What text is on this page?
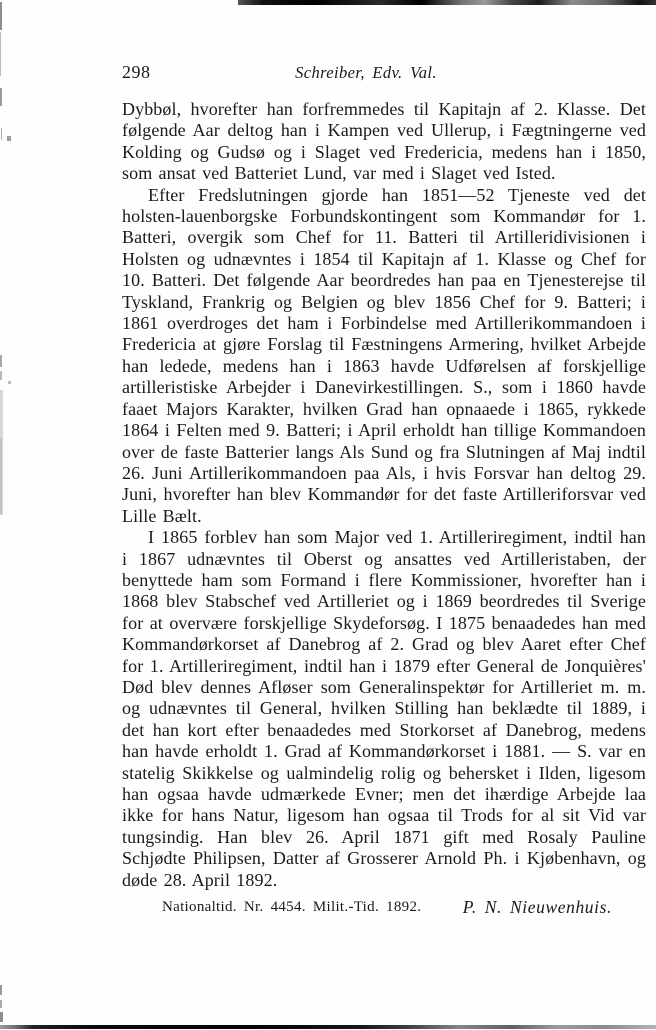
298	Schreiber, Edv. Val.

Dybbøl, hvorefter han forfremmedes til Kapitajn af 2. Klasse. Det følgende Aar deltog han i Kampen ved Ullerup, i Fægtningerne ved Kolding og Gudsø og i Slaget ved Fredericia, medens han i 1850, som ansat ved Batteriet Lund, var med i Slaget ved Isted.

Efter Fredslutningen gjorde han 1851—52 Tjeneste ved det holsten-lauenborgske Forbundskontingent som Kommandør for 1. Batteri, overgik som Chef for 11. Batteri til Artilleridivisionen i Holsten og udnævntes i 1854 til Kapitajn af 1. Klasse og Chef for 10. Batteri. Det følgende Aar beordredes han paa en Tjenesterejse til Tyskland, Frankrig og Belgien og blev 1856 Chef for 9. Batteri; i 1861 overdroges det ham i Forbindelse med Artillerikommandoen i Fredericia at gjøre Forslag til Fæstningens Armering, hvilket Arbejde han ledede, medens han i 1863 havde Udførelsen af forskjellige artilleristiske Arbejder i Danevirkestillingen. S., som i 1860 havde faaet Majors Karakter, hvilken Grad han opnaaede i 1865, rykkede 1864 i Felten med 9. Batteri; i April erholdt han tillige Kommandoen over de faste Batterier langs Als Sund og fra Slutningen af Maj indtil 26. Juni Artillerikommandoen paa Als, i hvis Forsvar han deltog 29. Juni, hvorefter han blev Kommandør for det faste Artilleriforsvar ved Lille Bælt.

I 1865 forblev han som Major ved 1. Artilleriregiment, indtil han i 1867 udnævntes til Oberst og ansattes ved Artilleristaben, der benyttede ham som Formand i flere Kommissioner, hvorefter han i 1868 blev Stabschef ved Artilleriet og i 1869 beordredes til Sverige for at overvære forskjellige Skydeforsøg. I 1875 benaadedes han med Kommandørkorset af Danebrog af 2. Grad og blev Aaret efter Chef for 1. Artilleriregiment, indtil han i 1879 efter General de Jonquières' Død blev dennes Afløser som Generalinspektør for Artilleriet m. m. og udnævntes til General, hvilken Stilling han beklædte til 1889, i det han kort efter benaadedes med Storkorset af Danebrog, medens han havde erholdt 1. Grad af Kommandørkorset i 1881. — S. var en statelig Skikkelse og ualmindelig rolig og behersket i Ilden, ligesom han ogsaa havde udmærkede Evner; men det ihærdige Arbejde laa ikke for hans Natur, ligesom han ogsaa til Trods for al sit Vid var tungsindig. Han blev 26. April 1871 gift med Rosaly Pauline Schjødte Philipsen, Datter af Grosserer Arnold Ph. i Kjøbenhavn, og døde 28. April 1892.

Nationaltid. Nr. 4454. Milit.-Tid. 1892. P. N. Nieuwenhuis.
